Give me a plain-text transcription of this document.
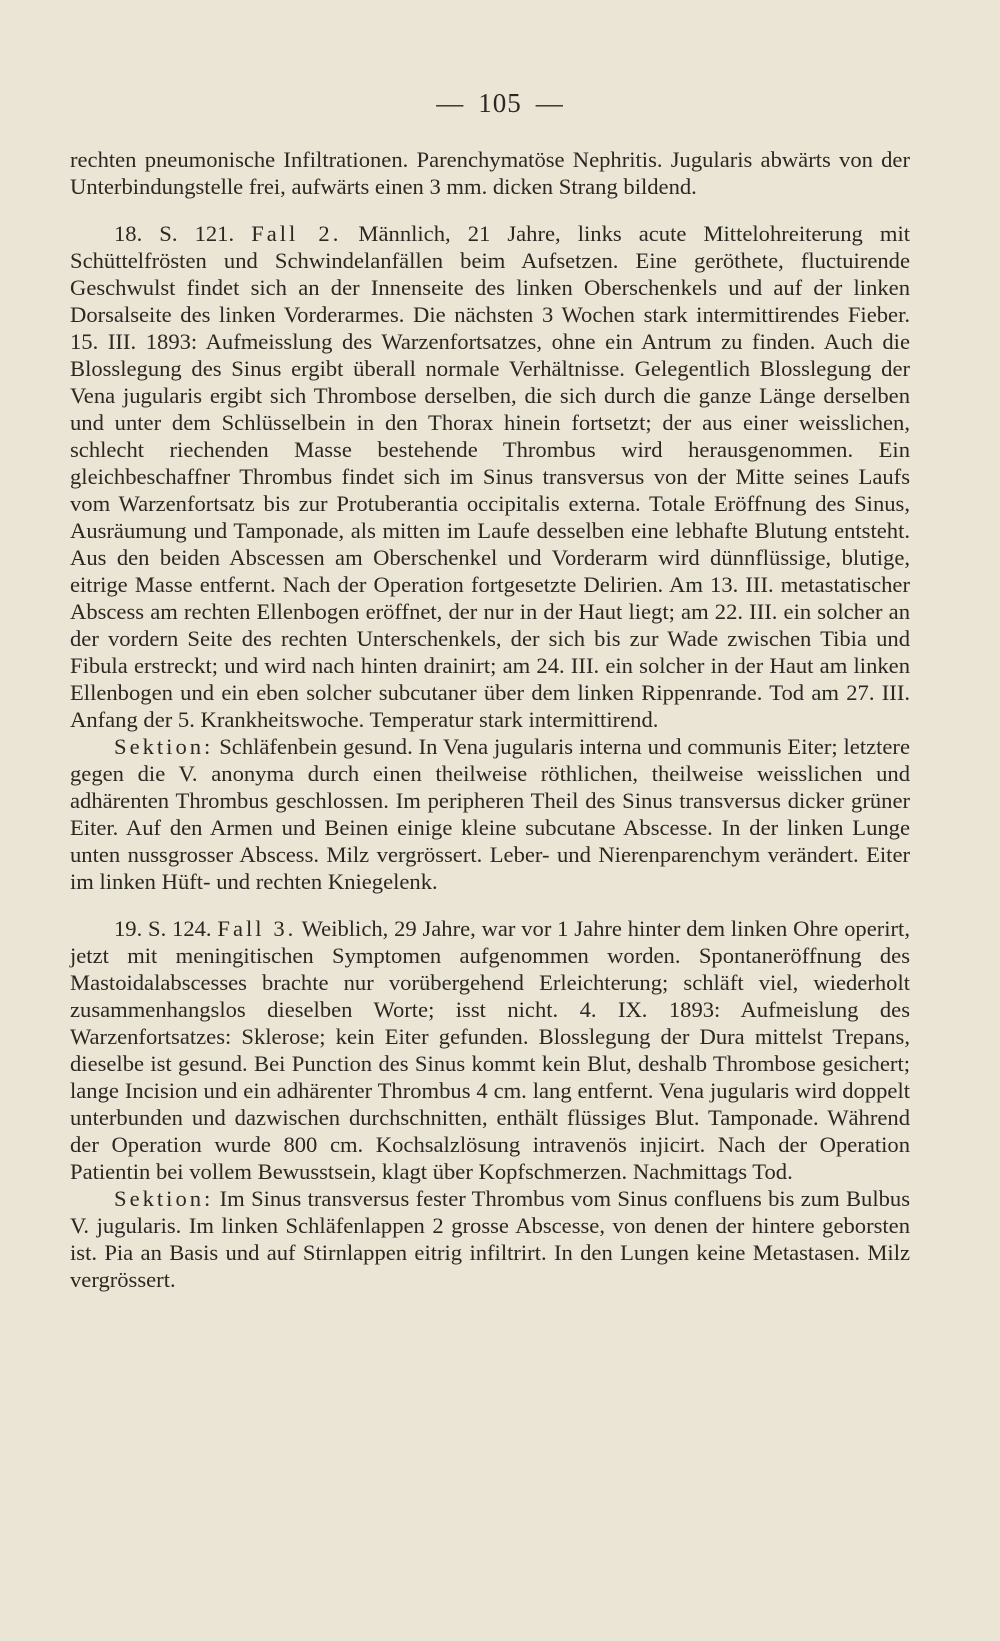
— 105 —

rechten pneumonische Infiltrationen. Parenchymatöse Nephritis. Jugularis abwärts von der Unterbindungstelle frei, aufwärts einen 3 mm. dicken Strang bildend.

18. S. 121. Fall 2. Männlich, 21 Jahre, links acute Mittelohreiterung mit Schüttelfrösten und Schwindelanfällen beim Aufsetzen. Eine geröthete, fluctuirende Geschwulst findet sich an der Innenseite des linken Oberschenkels und auf der linken Dorsalseite des linken Vorderarmes. Die nächsten 3 Wochen stark intermittirendes Fieber. 15. III. 1893: Aufmeisslung des Warzenfortsatzes, ohne ein Antrum zu finden. Auch die Blosslegung des Sinus ergibt überall normale Verhältnisse. Gelegentlich Blosslegung der Vena jugularis ergibt sich Thrombose derselben, die sich durch die ganze Länge derselben und unter dem Schlüsselbein in den Thorax hinein fortsetzt; der aus einer weisslichen, schlecht riechenden Masse bestehende Thrombus wird herausgenommen. Ein gleichbeschaffner Thrombus findet sich im Sinus transversus von der Mitte seines Laufs vom Warzenfortsatz bis zur Protuberantia occipitalis externa. Totale Eröffnung des Sinus, Ausräumung und Tamponade, als mitten im Laufe desselben eine lebhafte Blutung entsteht. Aus den beiden Abscessen am Oberschenkel und Vorderarm wird dünnflüssige, blutige, eitrige Masse entfernt. Nach der Operation fortgesetzte Delirien. Am 13. III. metastatischer Abscess am rechten Ellenbogen eröffnet, der nur in der Haut liegt; am 22. III. ein solcher an der vordern Seite des rechten Unterschenkels, der sich bis zur Wade zwischen Tibia und Fibula erstreckt; und wird nach hinten drainirt; am 24. III. ein solcher in der Haut am linken Ellenbogen und ein eben solcher subcutaner über dem linken Rippenrande. Tod am 27. III. Anfang der 5. Krankheitswoche. Temperatur stark intermittirend.

Sektion: Schläfenbein gesund. In Vena jugularis interna und communis Eiter; letztere gegen die V. anonyma durch einen theilweise röthlichen, theilweise weisslichen und adhärenten Thrombus geschlossen. Im peripheren Theil des Sinus transversus dicker grüner Eiter. Auf den Armen und Beinen einige kleine subcutane Abscesse. In der linken Lunge unten nussgrosser Abscess. Milz vergrössert. Leber- und Nierenparenchym verändert. Eiter im linken Hüft- und rechten Kniegelenk.

19. S. 124. Fall 3. Weiblich, 29 Jahre, war vor 1 Jahre hinter dem linken Ohre operirt, jetzt mit meningitischen Symptomen aufgenommen worden. Spontaneröffnung des Mastoidalabscesses brachte nur vorübergehend Erleichterung; schläft viel, wiederholt zusammenhangslos dieselben Worte; isst nicht. 4. IX. 1893: Aufmeislung des Warzenfortsatzes: Sklerose; kein Eiter gefunden. Blosslegung der Dura mittelst Trepans, dieselbe ist gesund. Bei Punction des Sinus kommt kein Blut, deshalb Thrombose gesichert; lange Incision und ein adhärenter Thrombus 4 cm. lang entfernt. Vena jugularis wird doppelt unterbunden und dazwischen durchschnitten, enthält flüssiges Blut. Tamponade. Während der Operation wurde 800 cm. Kochsalzlösung intravenös injicirt. Nach der Operation Patientin bei vollem Bewusstsein, klagt über Kopfschmerzen. Nachmittags Tod.

Sektion: Im Sinus transversus fester Thrombus vom Sinus confluens bis zum Bulbus V. jugularis. Im linken Schläfenlappen 2 grosse Abscesse, von denen der hintere geborsten ist. Pia an Basis und auf Stirnlappen eitrig infiltrirt. In den Lungen keine Metastasen. Milz vergrössert.
